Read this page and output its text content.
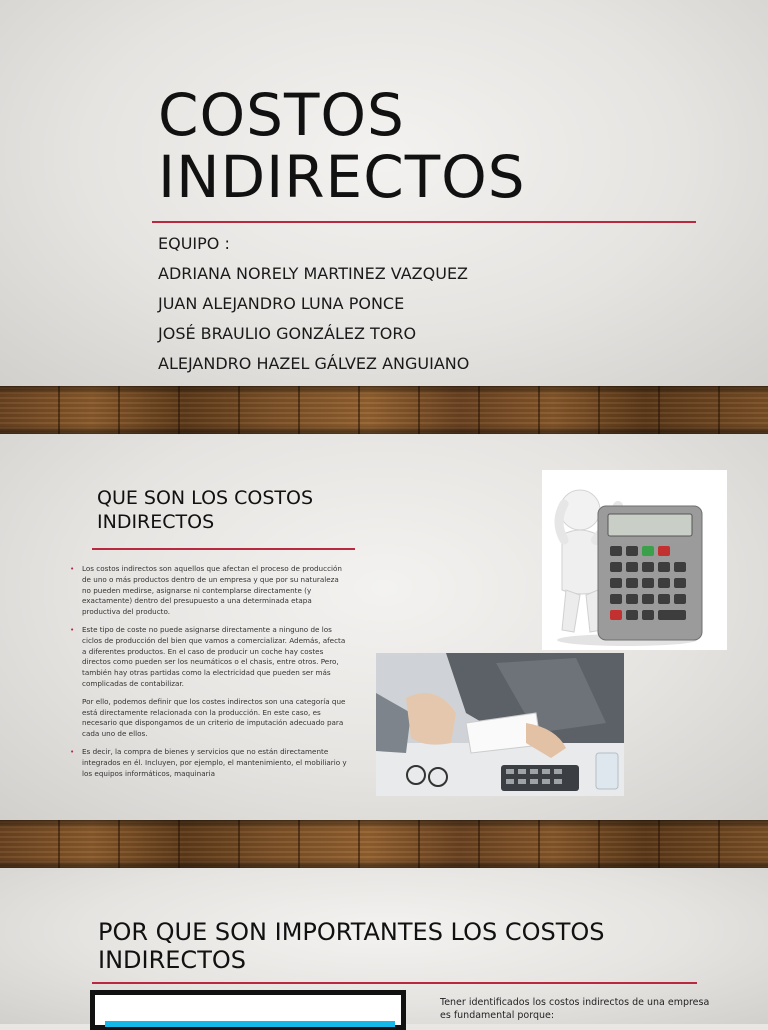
COSTOS
INDIRECTOS
EQUIPO :
ADRIANA NORELY MARTINEZ VAZQUEZ
JUAN ALEJANDRO LUNA PONCE
JOSÉ BRAULIO GONZÁLEZ TORO
ALEJANDRO HAZEL GÁLVEZ ANGUIANO
QUE SON LOS COSTOS
INDIRECTOS
• Los costos indirectos son aquellos que afectan el proceso de producción de uno o más productos dentro de un empresa y que por su naturaleza no pueden medirse, asignarse ni contemplarse directamente (y exactamente) dentro del presupuesto a una determinada etapa productiva del producto.
• Este tipo de coste no puede asignarse directamente a ninguno de los ciclos de producción del bien que vamos a comercializar. Además, afecta a diferentes productos. En el caso de producir un coche hay costes directos como pueden ser los neumáticos o el chasis, entre otros. Pero, también hay otras partidas como la electricidad que pueden ser más complicadas de contabilizar.
Por ello, podemos definir que los costes indirectos son una categoría que está directamente relacionada con la producción. En este caso, es necesario que dispongamos de un criterio de imputación adecuado para cada uno de ellos.
• Es decir, la compra de bienes y servicios que no están directamente integrados en él. Incluyen, por ejemplo, el mantenimiento, el mobiliario y los equipos informáticos, maquinaria
POR QUE SON IMPORTANTES LOS COSTOS
INDIRECTOS
Tener identificados los costos indirectos de una empresa es fundamental porque:
